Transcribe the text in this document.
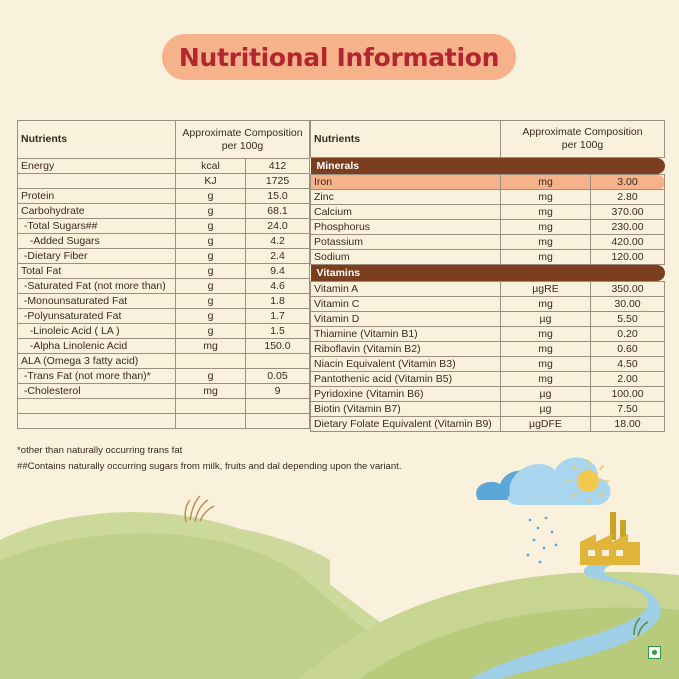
Nutritional Information
Nutrients	Approximate Composition
per 100g	

Energy	kcal	412
	KJ	1725
Protein	g	15.0
Carbohydrate	g	68.1
-Total Sugars##	g	24.0
-Added Sugars	g	4.2
-Dietary Fiber	g	2.4
Total Fat	g	9.4
-Saturated Fat (not more than)	g	4.6
-Monounsaturated Fat	g	1.8
-Polyunsaturated Fat	g	1.7
-Linoleic Acid ( LA )	g	1.5
-Alpha Linolenic Acid	mg	150.0
ALA (Omega 3 fatty acid)		
-Trans Fat (not more than)*	g	0.05
-Cholesterol	mg	9

Nutrients	Approximate Composition
per 100g	

Minerals		

Iron	mg	3.00
Zinc	mg	2.80
Calcium	mg	370.00
Phosphorus	mg	230.00
Potassium	mg	420.00
Sodium	mg	120.00

Vitamins		

Vitamin A	µgRE	350.00
Vitamin C	mg	30.00
Vitamin D	µg	5.50
Thiamine (Vitamin B1)	mg	0.20
Riboflavin (Vitamin B2)	mg	0.60
Niacin Equivalent (Vitamin B3)	mg	4.50
Pantothenic acid (Vitamin B5)	mg	2.00
Pyridoxine (Vitamin B6)	µg	100.00
Biotin (Vitamin B7)	µg	7.50
Dietary Folate Equivalent (Vitamin B9)	µgDFE	18.00
*other than naturally occurring trans fat
##Contains naturally occurring sugars from milk, fruits and dal depending upon the variant.
